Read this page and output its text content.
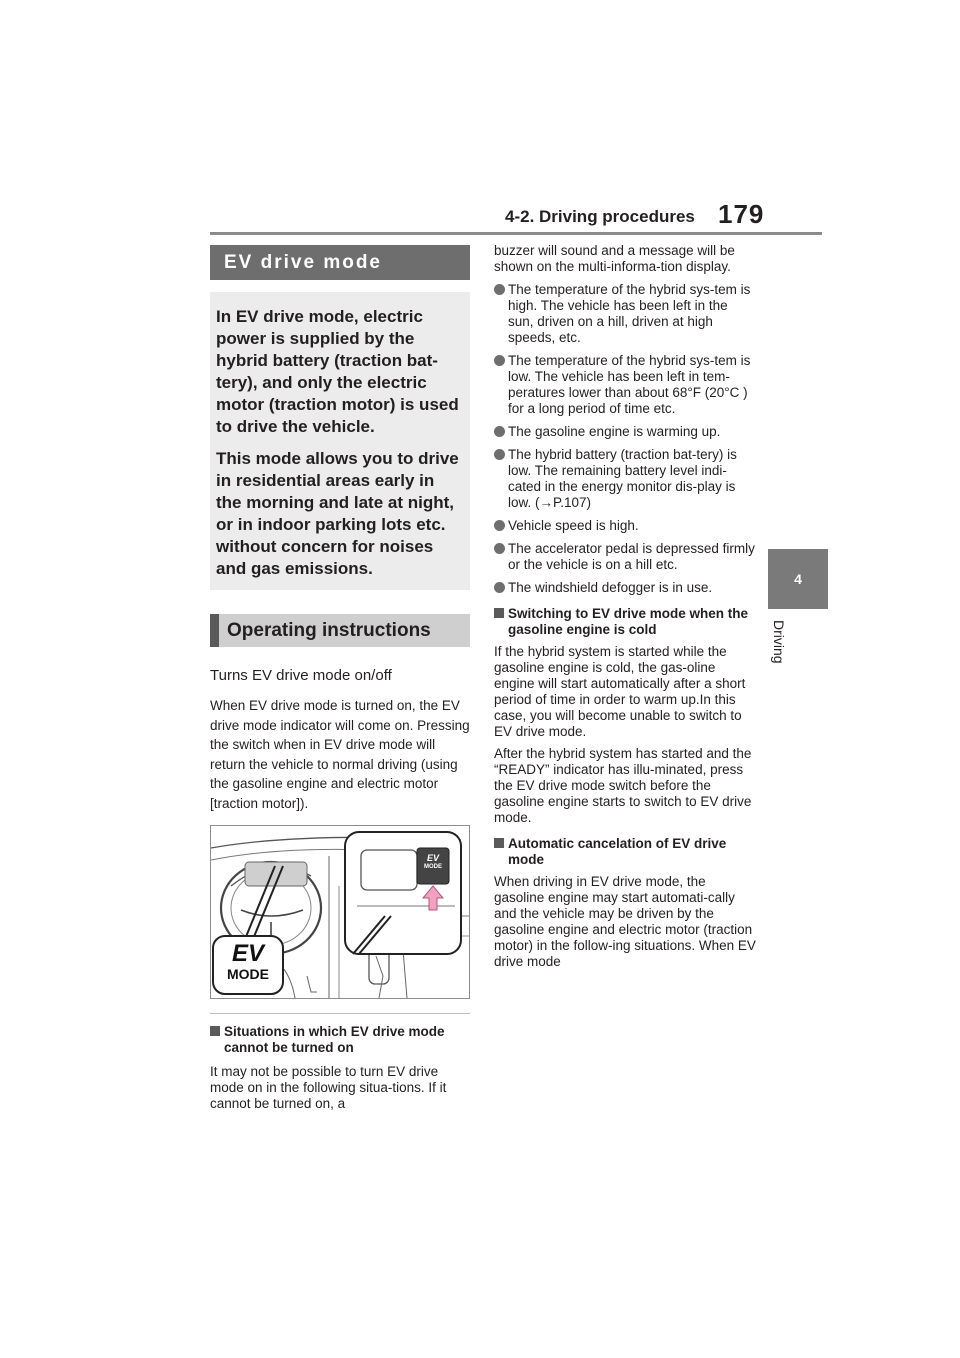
4-2. Driving procedures 179
4
Driving
EV drive mode

In EV drive mode, electric power is supplied by the hybrid battery (traction bat-tery), and only the electric motor (traction motor) is used to drive the vehicle.

This mode allows you to drive in residential areas early in the morning and late at night, or in indoor parking lots etc. without concern for noises and gas emissions.

Operating instructions
Turns EV drive mode on/off
When EV drive mode is turned on, the EV drive mode indicator will come on. Pressing the switch when in EV drive mode will return the vehicle to normal driving (using the gasoline engine and electric motor [traction motor]).
EV
MODE
EV
MODE
Situations in which EV drive mode cannot be turned on
It may not be possible to turn EV drive mode on in the following situa-tions. If it cannot be turned on, a
buzzer will sound and a message will be shown on the multi-informa-tion display.
The temperature of the hybrid sys-tem is high. The vehicle has been left in the sun, driven on a hill, driven at high speeds, etc.
The temperature of the hybrid sys-tem is low. The vehicle has been left in tem-peratures lower than about 68°F (20°C ) for a long period of time etc.
The gasoline engine is warming up.
The hybrid battery (traction bat-tery) is low. The remaining battery level indi-cated in the energy monitor dis-play is low. (→P.107)
Vehicle speed is high.
The accelerator pedal is depressed firmly or the vehicle is on a hill etc.
The windshield defogger is in use.
Switching to EV drive mode when the gasoline engine is cold
If the hybrid system is started while the gasoline engine is cold, the gas-oline engine will start automatically after a short period of time in order to warm up.In this case, you will become unable to switch to EV drive mode.
After the hybrid system has started and the “READY” indicator has illu-minated, press the EV drive mode switch before the gasoline engine starts to switch to EV drive mode.
Automatic cancelation of EV drive mode
When driving in EV drive mode, the gasoline engine may start automati-cally and the vehicle may be driven by the gasoline engine and electric motor (traction motor) in the follow-ing situations. When EV drive mode
